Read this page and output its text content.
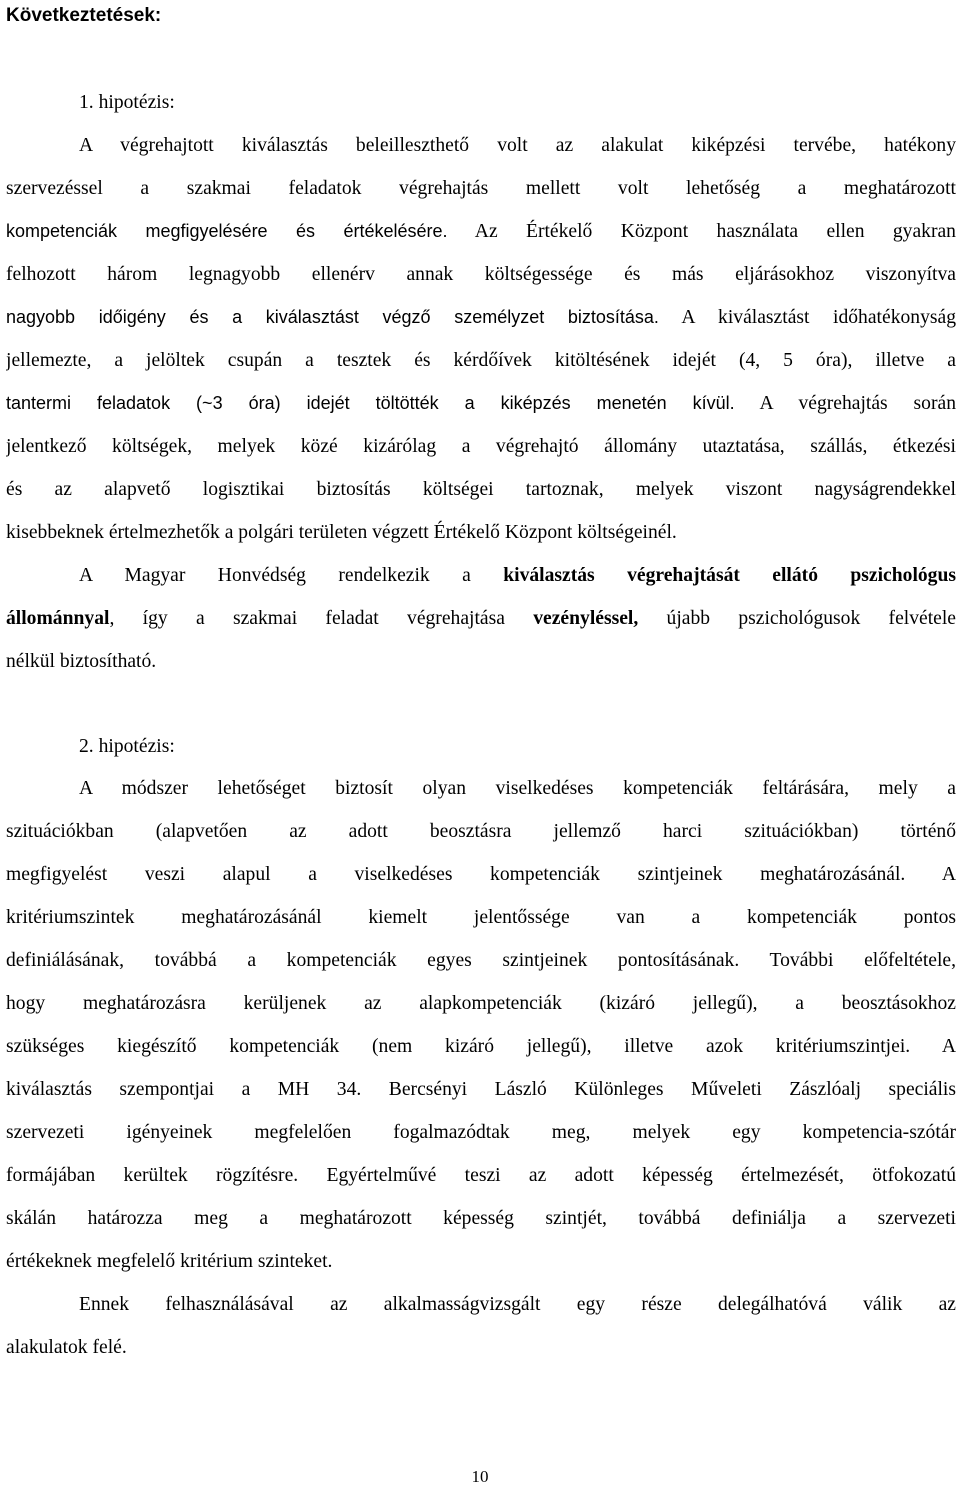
Következtetések:
1. hipotézis:
A végrehajtott kiválasztás beleilleszthető volt az alakulat kiképzési tervébe, hatékony
szervezéssel a szakmai feladatok végrehajtás mellett volt lehetőség a meghatározott
kompetenciák megfigyelésére és értékelésére. Az Értékelő Központ használata ellen gyakran
felhozott három legnagyobb ellenérv annak költségessége és más eljárásokhoz viszonyítva
nagyobb időigény és a kiválasztást végző személyzet biztosítása. A kiválasztást időhatékonyság
jellemezte, a jelöltek csupán a tesztek és kérdőívek kitöltésének idejét (4, 5 óra), illetve a
tantermi feladatok (~3 óra) idejét töltötték a kiképzés menetén kívül. A végrehajtás során
jelentkező költségek, melyek közé kizárólag a végrehajtó állomány utaztatása, szállás, étkezési
és az alapvető logisztikai biztosítás költségei tartoznak, melyek viszont nagyságrendekkel
kisebbeknek értelmezhetők a polgári területen végzett Értékelő Központ költségeinél.
A Magyar Honvédség rendelkezik a kiválasztás végrehajtását ellátó pszichológus
állománnyal, így a szakmai feladat végrehajtása vezényléssel, újabb pszichológusok felvétele
nélkül biztosítható.
2. hipotézis:
A módszer lehetőséget biztosít olyan viselkedéses kompetenciák feltárására, mely a
szituációkban (alapvetően az adott beosztásra jellemző harci szituációkban) történő
megfigyelést veszi alapul a viselkedéses kompetenciák szintjeinek meghatározásánál. A
kritériumszintek meghatározásánál kiemelt jelentőssége van a kompetenciák pontos
definiálásának, továbbá a kompetenciák egyes szintjeinek pontosításának. További előfeltétele,
hogy meghatározásra kerüljenek az alapkompetenciák (kizáró jellegű), a beosztásokhoz
szükséges kiegészítő kompetenciák (nem kizáró jellegű), illetve azok kritériumszintjei. A
kiválasztás szempontjai a MH 34. Bercsényi László Különleges Műveleti Zászlóalj speciális
szervezeti igényeinek megfelelően fogalmazódtak meg, melyek egy kompetencia-szótár
formájában kerültek rögzítésre. Egyértelművé teszi az adott képesség értelmezését, ötfokozatú
skálán határozza meg a meghatározott képesség szintjét, továbbá definiálja a szervezeti
értékeknek megfelelő kritérium szinteket.
Ennek felhasználásával az alkalmasságvizsgált egy része delegálhatóvá válik az
alakulatok felé.
10
